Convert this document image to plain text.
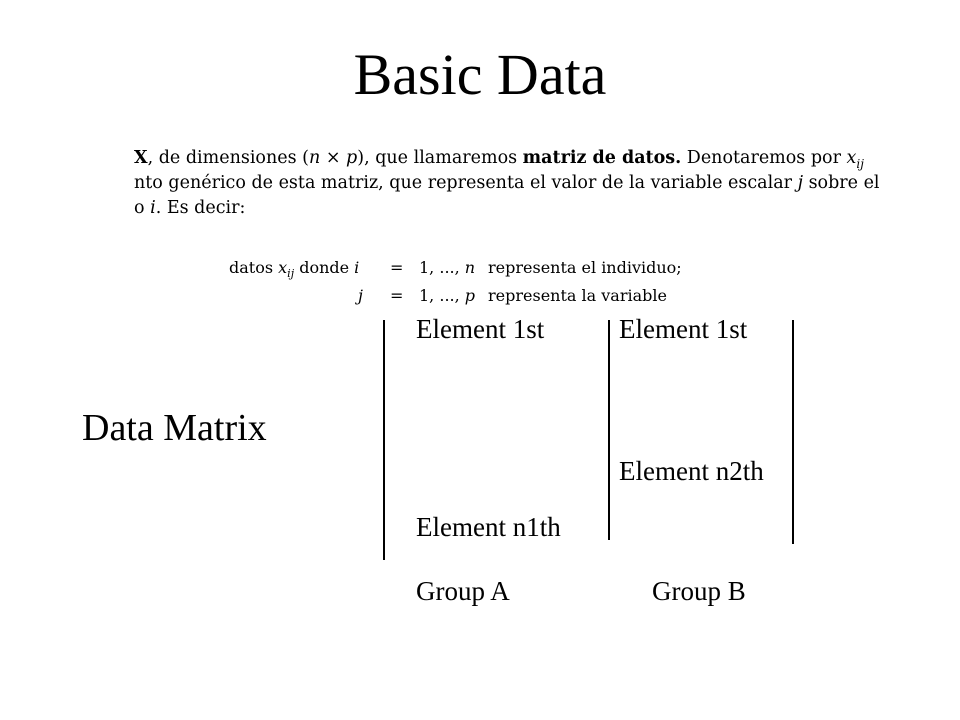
Basic Data
X, de dimensiones (n × p), que llamaremos matriz de datos. Denotaremos por $x_{ij}$
nto genérico de esta matriz, que representa el valor de la variable escalar j sobre el
o i. Es decir:
datos $x_{ij}$ donde i = 1, ..., n representa el individuo;
j = 1, ..., p representa la variable
Data Matrix
Element 1st	Element 1st
Element n2th
Element n1th
Group A	Group B
